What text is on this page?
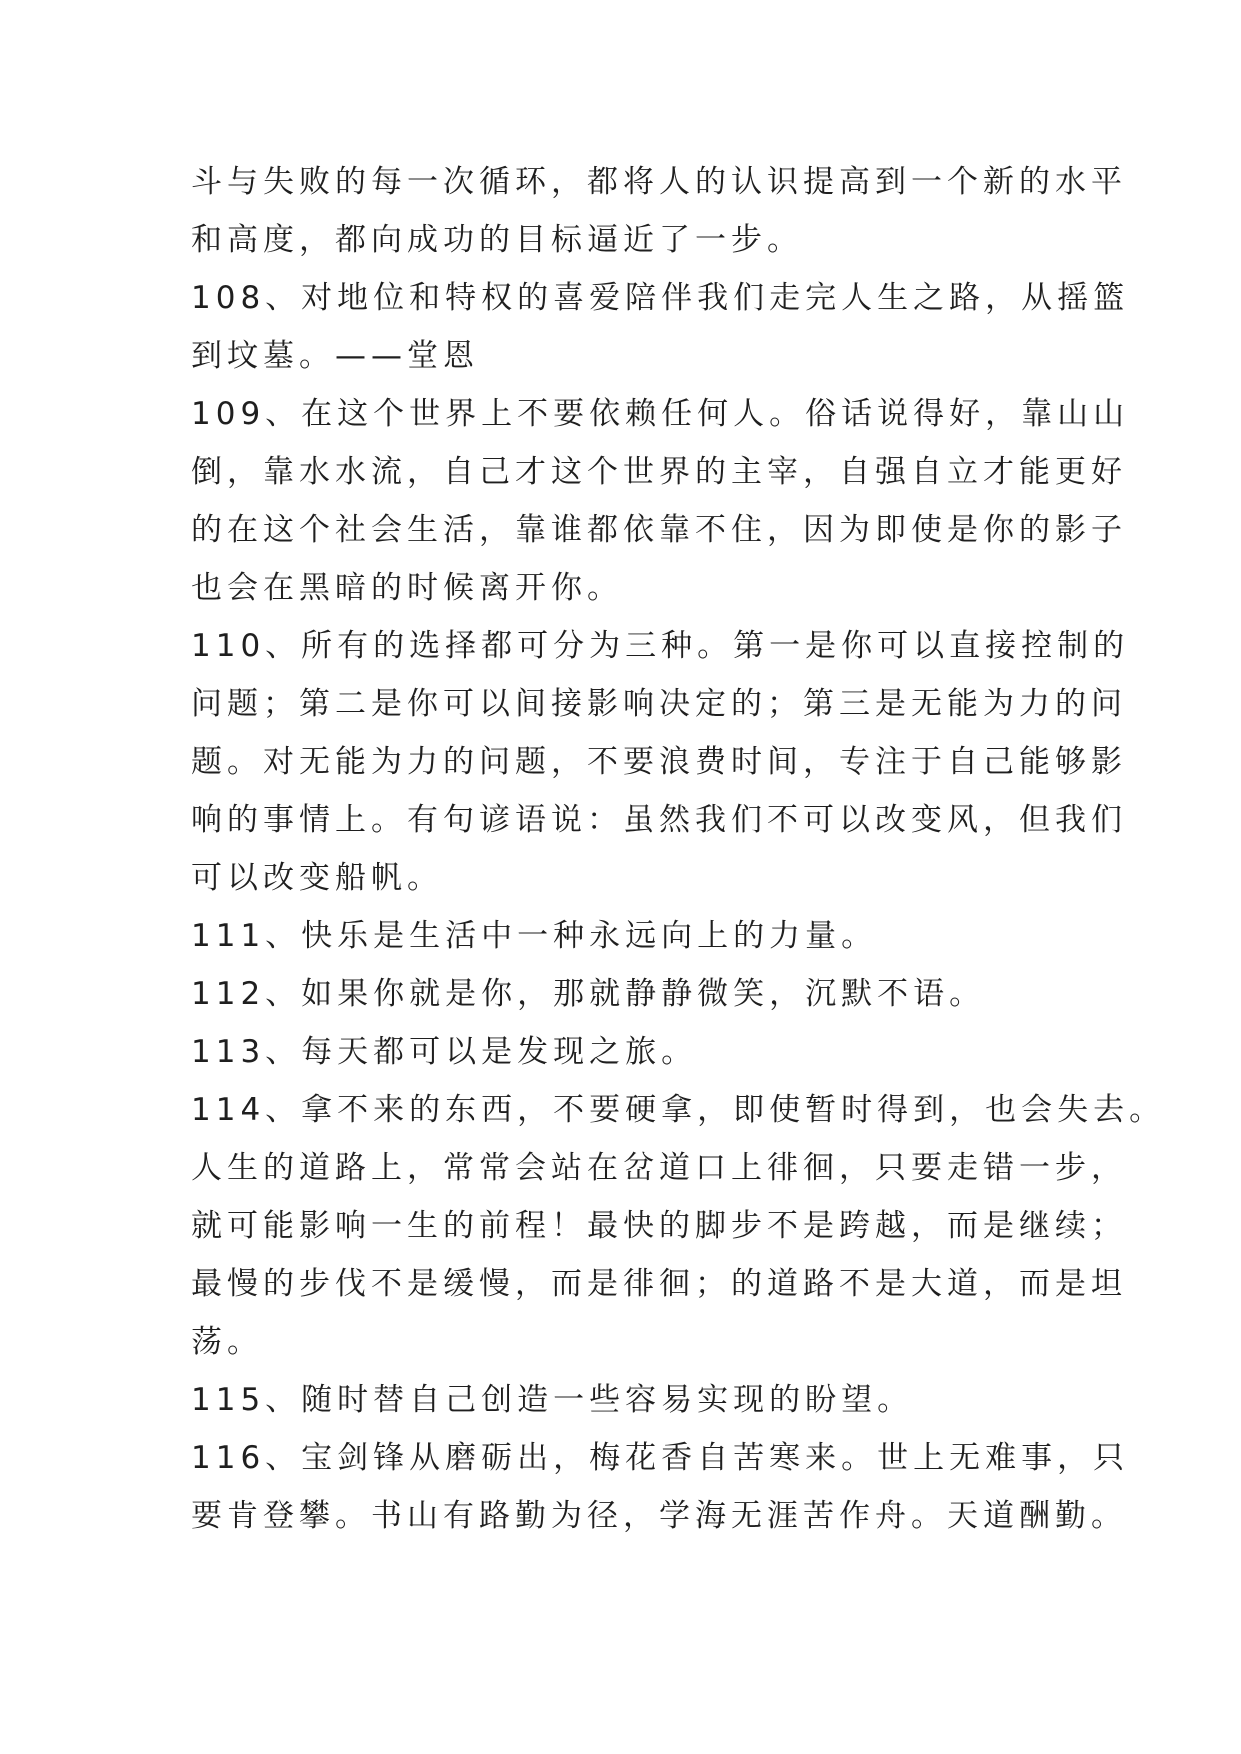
斗与失败的每一次循环，都将人的认识提高到一个新的水平
和高度，都向成功的目标逼近了一步。
108、对地位和特权的喜爱陪伴我们走完人生之路，从摇篮
到坟墓。——堂恩
109、在这个世界上不要依赖任何人。俗话说得好，靠山山
倒，靠水水流，自己才这个世界的主宰，自强自立才能更好
的在这个社会生活，靠谁都依靠不住，因为即使是你的影子
也会在黑暗的时候离开你。
110、所有的选择都可分为三种。第一是你可以直接控制的
问题；第二是你可以间接影响决定的；第三是无能为力的问
题。对无能为力的问题，不要浪费时间，专注于自己能够影
响的事情上。有句谚语说：虽然我们不可以改变风，但我们
可以改变船帆。
111、快乐是生活中一种永远向上的力量。
112、如果你就是你，那就静静微笑，沉默不语。
113、每天都可以是发现之旅。
114、拿不来的东西，不要硬拿，即使暂时得到，也会失去。
人生的道路上，常常会站在岔道口上徘徊，只要走错一步，
就可能影响一生的前程！最快的脚步不是跨越，而是继续；
最慢的步伐不是缓慢，而是徘徊；的道路不是大道，而是坦
荡。
115、随时替自己创造一些容易实现的盼望。
116、宝剑锋从磨砺出，梅花香自苦寒来。世上无难事，只
要肯登攀。书山有路勤为径，学海无涯苦作舟。天道酬勤。
